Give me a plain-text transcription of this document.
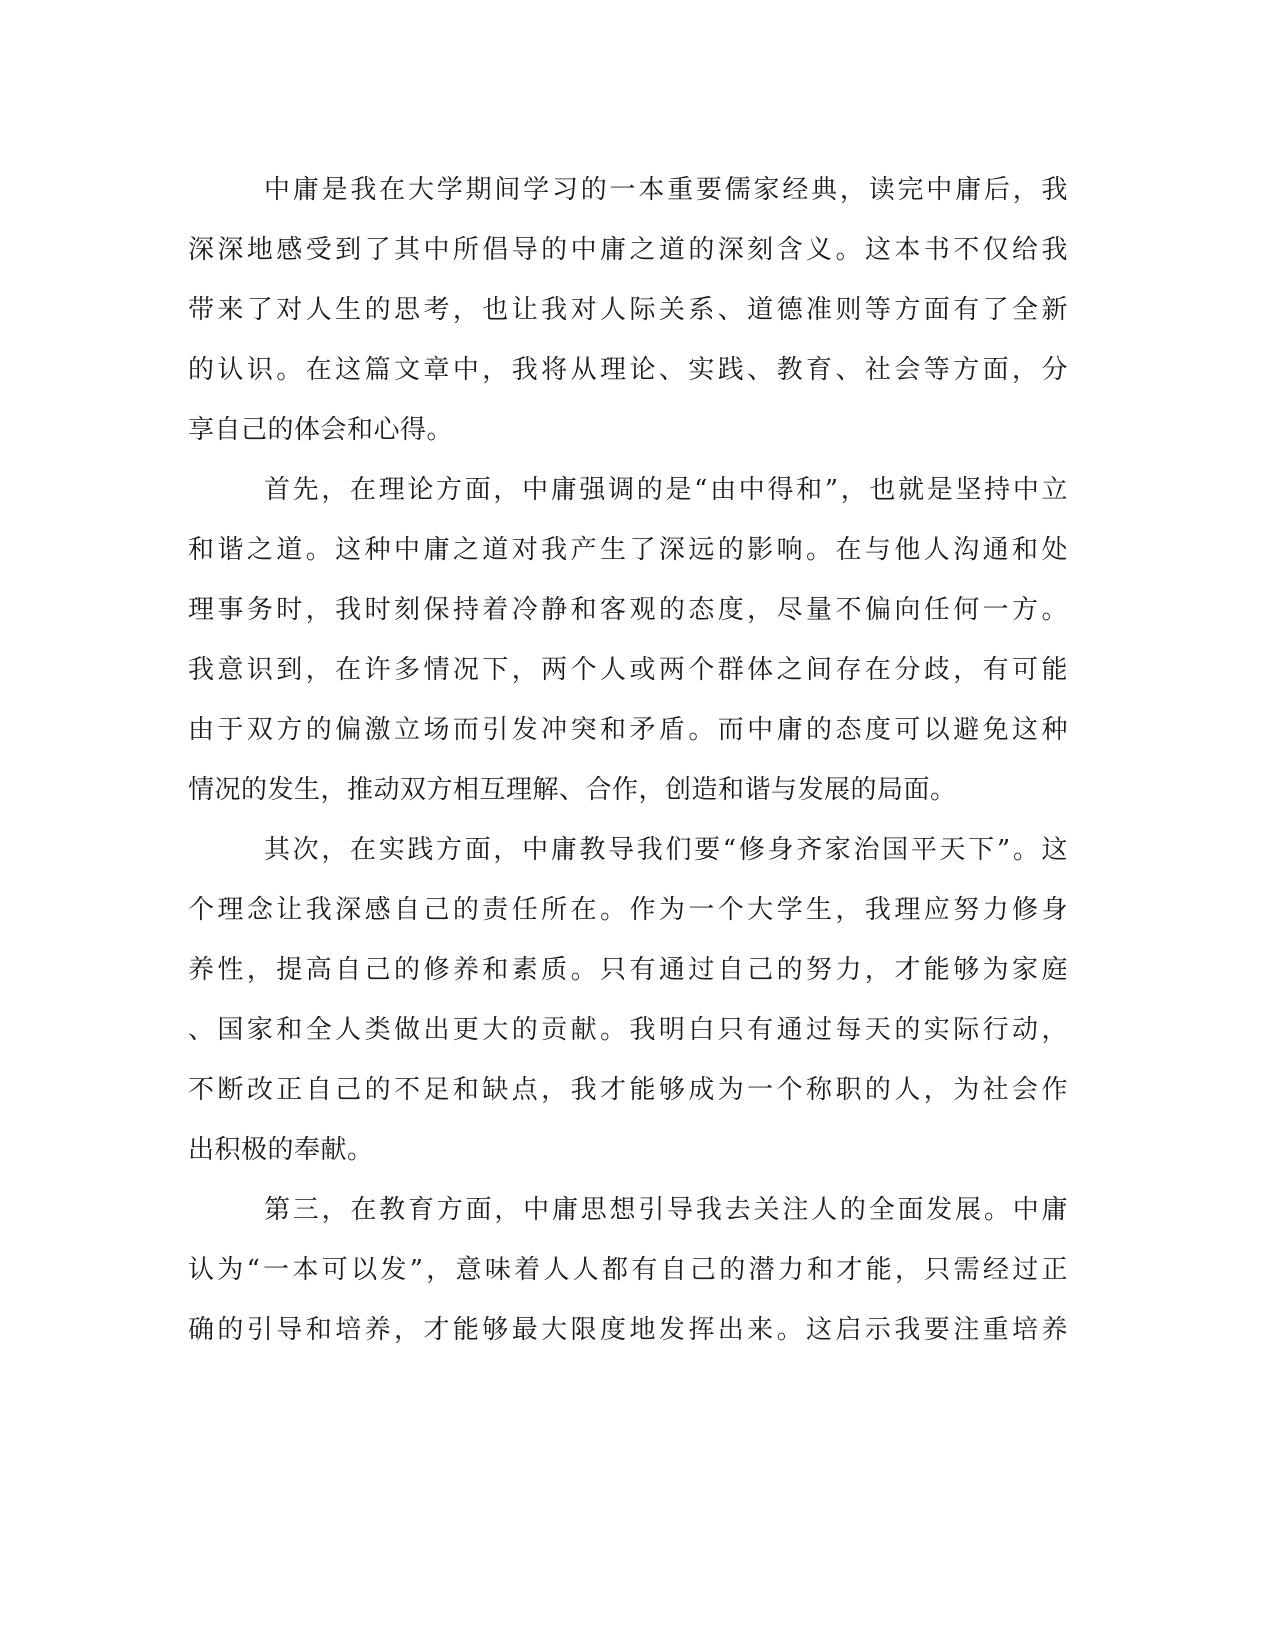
中庸是我在大学期间学习的一本重要儒家经典，读完中庸后，我
深深地感受到了其中所倡导的中庸之道的深刻含义。这本书不仅给我
带来了对人生的思考，也让我对人际关系、道德准则等方面有了全新
的认识。在这篇文章中，我将从理论、实践、教育、社会等方面，分
享自己的体会和心得。
首先，在理论方面，中庸强调的是“由中得和”，也就是坚持中立
和谐之道。这种中庸之道对我产生了深远的影响。在与他人沟通和处
理事务时，我时刻保持着冷静和客观的态度，尽量不偏向任何一方。
我意识到，在许多情况下，两个人或两个群体之间存在分歧，有可能
由于双方的偏激立场而引发冲突和矛盾。而中庸的态度可以避免这种
情况的发生，推动双方相互理解、合作，创造和谐与发展的局面。
其次，在实践方面，中庸教导我们要“修身齐家治国平天下”。这
个理念让我深感自己的责任所在。作为一个大学生，我理应努力修身
养性，提高自己的修养和素质。只有通过自己的努力，才能够为家庭
、国家和全人类做出更大的贡献。我明白只有通过每天的实际行动，
不断改正自己的不足和缺点，我才能够成为一个称职的人，为社会作
出积极的奉献。
第三，在教育方面，中庸思想引导我去关注人的全面发展。中庸
认为“一本可以发”，意味着人人都有自己的潜力和才能，只需经过正
确的引导和培养，才能够最大限度地发挥出来。这启示我要注重培养
